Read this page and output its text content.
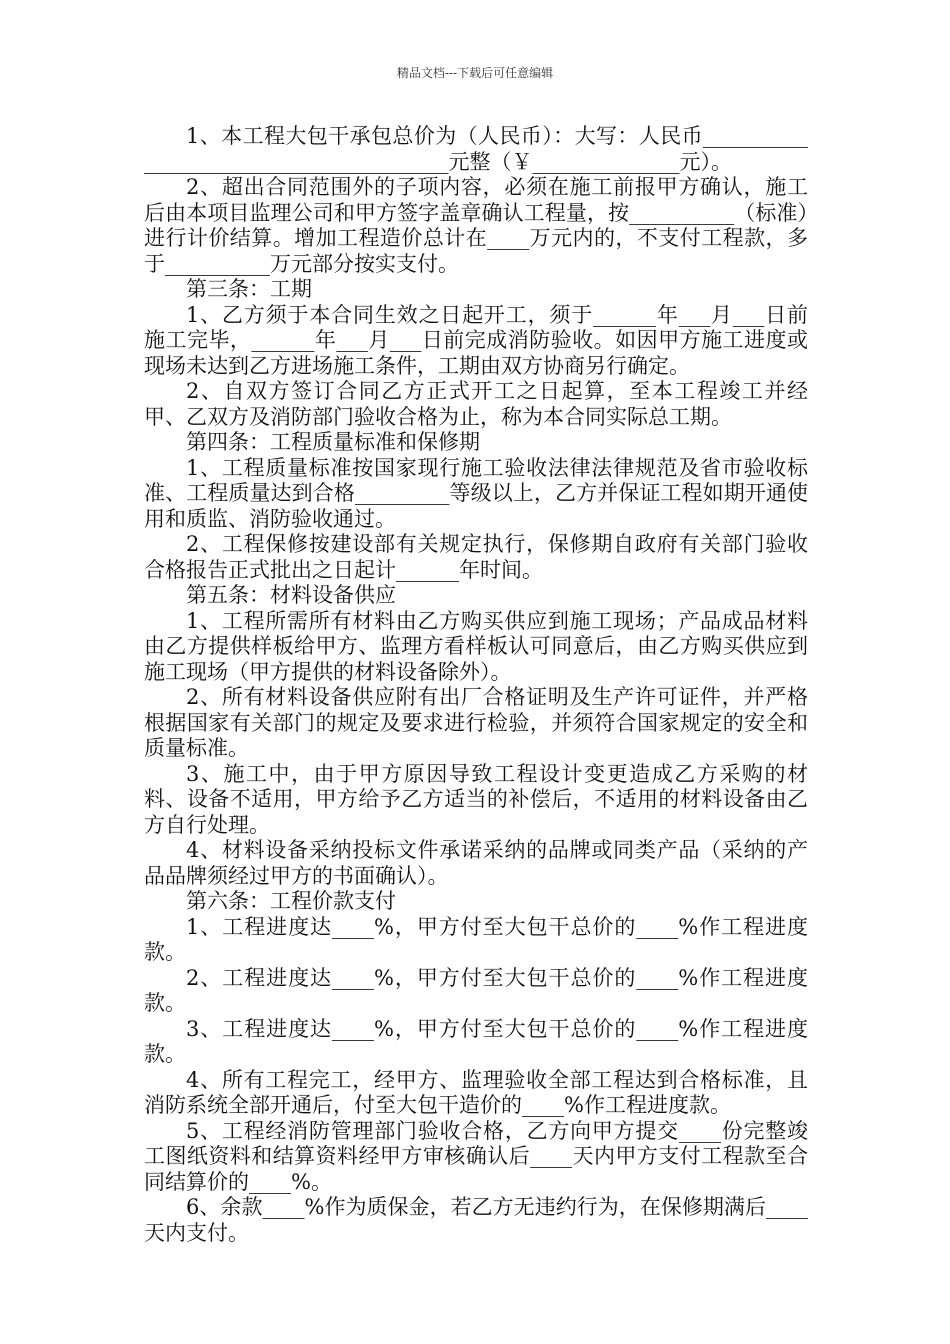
精品文档---下载后可任意编辑

1、本工程大包干承包总价为（人民币）：大写：人民币_______________________________________元整（￥______________元）。

2、超出合同范围外的子项内容，必须在施工前报甲方确认，施工后由本项目监理公司和甲方签字盖章确认工程量，按__________（标准）进行计价结算。增加工程造价总计在____万元内的，不支付工程款，多于__________万元部分按实支付。

第三条：工期

1、乙方须于本合同生效之日起开工，须于______年___月___日前施工完毕，______年___月___日前完成消防验收。如因甲方施工进度或现场未达到乙方进场施工条件，工期由双方协商另行确定。

2、自双方签订合同乙方正式开工之日起算，至本工程竣工并经甲、乙双方及消防部门验收合格为止，称为本合同实际总工期。

第四条：工程质量标准和保修期

1、工程质量标准按国家现行施工验收法律法律规范及省市验收标准、工程质量达到合格_________等级以上，乙方并保证工程如期开通使用和质监、消防验收通过。

2、工程保修按建设部有关规定执行，保修期自政府有关部门验收合格报告正式批出之日起计______年时间。

第五条：材料设备供应

1、工程所需所有材料由乙方购买供应到施工现场；产品成品材料由乙方提供样板给甲方、监理方看样板认可同意后，由乙方购买供应到施工现场（甲方提供的材料设备除外）。

2、所有材料设备供应附有出厂合格证明及生产许可证件，并严格根据国家有关部门的规定及要求进行检验，并须符合国家规定的安全和质量标准。

3、施工中，由于甲方原因导致工程设计变更造成乙方采购的材料、设备不适用，甲方给予乙方适当的补偿后，不适用的材料设备由乙方自行处理。

4、材料设备采纳投标文件承诺采纳的品牌或同类产品（采纳的产品品牌须经过甲方的书面确认）。

第六条：工程价款支付

1、工程进度达____%，甲方付至大包干总价的____%作工程进度款。

2、工程进度达____%，甲方付至大包干总价的____%作工程进度款。

3、工程进度达____%，甲方付至大包干总价的____%作工程进度款。

4、所有工程完工，经甲方、监理验收全部工程达到合格标准，且消防系统全部开通后，付至大包干造价的____%作工程进度款。

5、工程经消防管理部门验收合格，乙方向甲方提交____份完整竣工图纸资料和结算资料经甲方审核确认后____天内甲方支付工程款至合同结算价的____%。

6、余款____%作为质保金，若乙方无违约行为，在保修期满后____天内支付。
